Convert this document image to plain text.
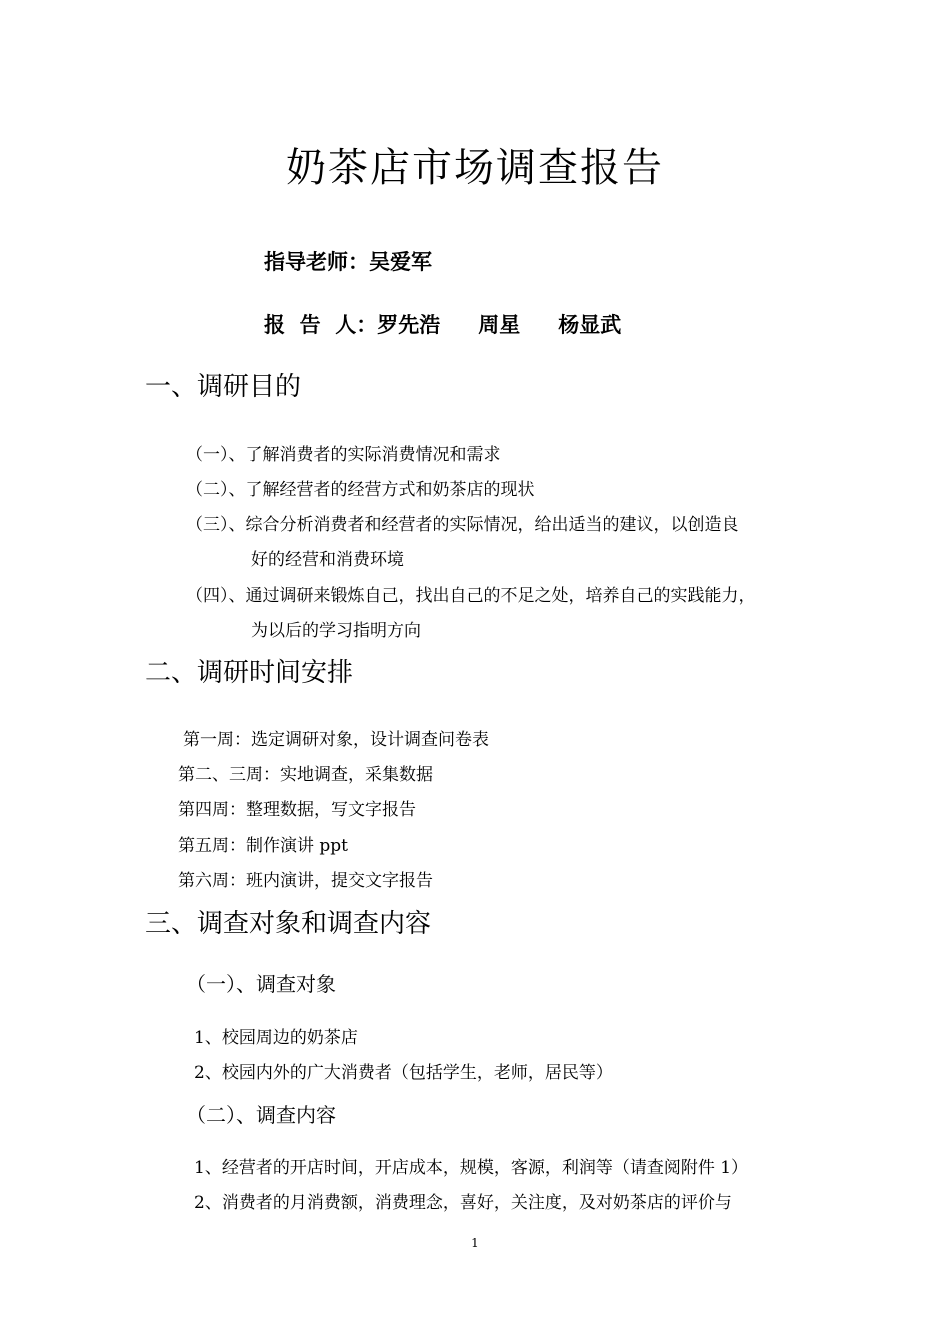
奶茶店市场调查报告
指导老师：吴爱军
报  告  人：罗先浩 周星 杨显武
一、调研目的
（一）、了解消费者的实际消费情况和需求
（二）、了解经营者的经营方式和奶茶店的现状
（三）、综合分析消费者和经营者的实际情况，给出适当的建议，以创造良
好的经营和消费环境
（四）、通过调研来锻炼自己，找出自己的不足之处，培养自己的实践能力，
为以后的学习指明方向
二、调研时间安排
第一周：选定调研对象，设计调查问卷表
第二、三周：实地调查，采集数据
第四周：整理数据，写文字报告
第五周：制作演讲 ppt
第六周：班内演讲，提交文字报告
三、调查对象和调查内容
（一）、调查对象
1、校园周边的奶茶店
2、校园内外的广大消费者（包括学生，老师，居民等）
（二）、调查内容
1、经营者的开店时间，开店成本，规模，客源，利润等（请查阅附件 1）
2、消费者的月消费额，消费理念，喜好，关注度，及对奶茶店的评价与
1
